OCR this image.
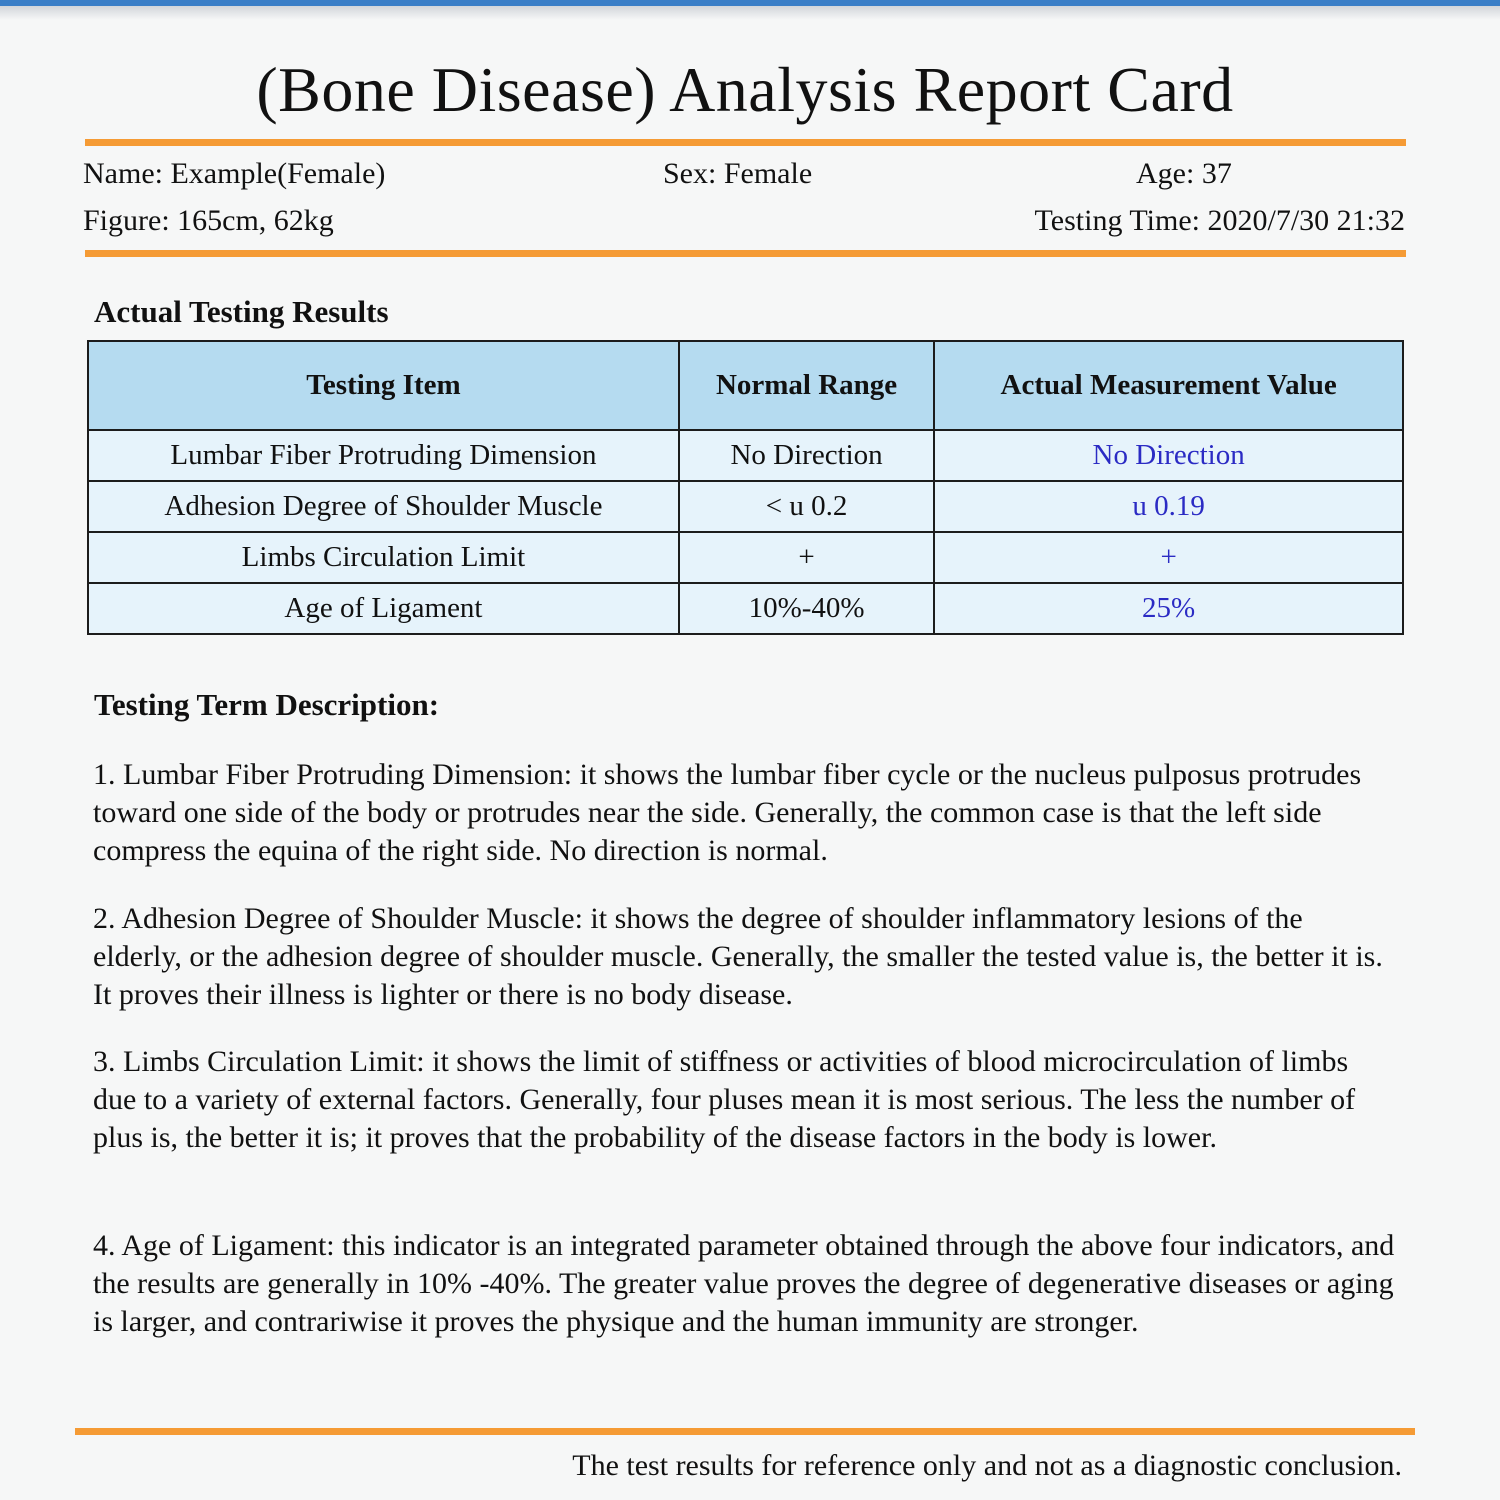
(Bone Disease) Analysis Report Card
Name: Example(Female)	Sex: Female	Age: 37
Figure: 165cm, 62kg	Testing Time: 2020/7/30 21:32
Actual Testing Results
Testing Item	Normal Range	Actual Measurement Value
Lumbar Fiber Protruding Dimension	No Direction	No Direction
Adhesion Degree of Shoulder Muscle	< u 0.2	u 0.19
Limbs Circulation Limit	+	+
Age of Ligament	10%-40%	25%
Testing Term Description:

1. Lumbar Fiber Protruding Dimension: it shows the lumbar fiber cycle or the nucleus pulposus protrudes toward one side of the body or protrudes near the side. Generally, the common case is that the left side compress the equina of the right side. No direction is normal.

2. Adhesion Degree of Shoulder Muscle: it shows the degree of shoulder inflammatory lesions of the elderly, or the adhesion degree of shoulder muscle. Generally, the smaller the tested value is, the better it is. It proves their illness is lighter or there is no body disease.

3. Limbs Circulation Limit: it shows the limit of stiffness or activities of blood microcirculation of limbs due to a variety of external factors. Generally, four pluses mean it is most serious. The less the number of plus is, the better it is; it proves that the probability of the disease factors in the body is lower.

4. Age of Ligament: this indicator is an integrated parameter obtained through the above four indicators, and the results are generally in 10% -40%. The greater value proves the degree of degenerative diseases or aging is larger, and contrariwise it proves the physique and the human immunity are stronger.

The test results for reference only and not as a diagnostic conclusion.
